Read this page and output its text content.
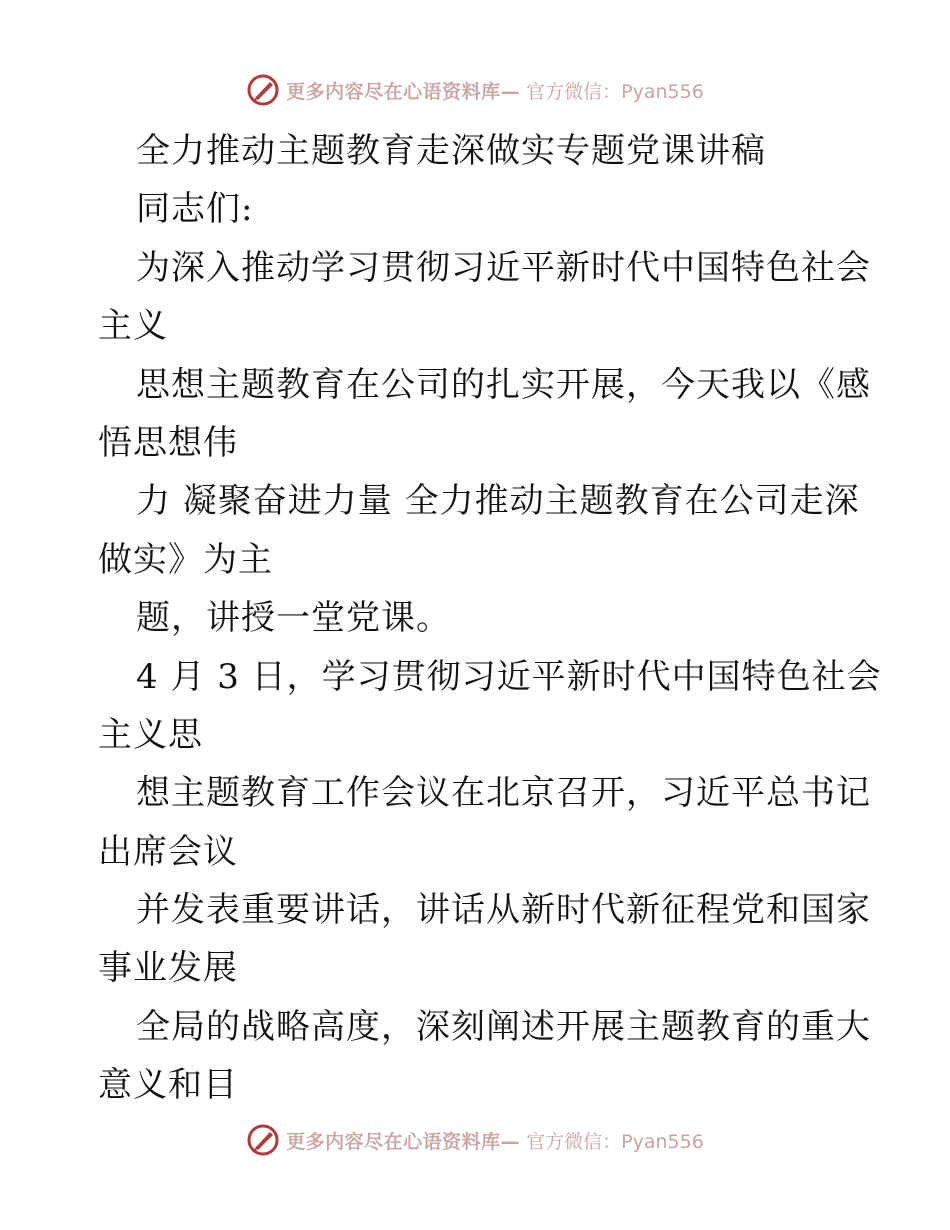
更多内容尽在心语资料库— 官方微信：Pyan556
全力推动主题教育走深做实专题党课讲稿
同志们:
为深入推动学习贯彻习近平新时代中国特色社会
主义
思想主题教育在公司的扎实开展，今天我以《感
悟思想伟
力 凝聚奋进力量 全力推动主题教育在公司走深
做实》为主
题，讲授一堂党课。
4 月 3 日，学习贯彻习近平新时代中国特色社会
主义思
想主题教育工作会议在北京召开，习近平总书记
出席会议
并发表重要讲话，讲话从新时代新征程党和国家
事业发展
全局的战略高度，深刻阐述开展主题教育的重大
意义和目
更多内容尽在心语资料库— 官方微信：Pyan556
